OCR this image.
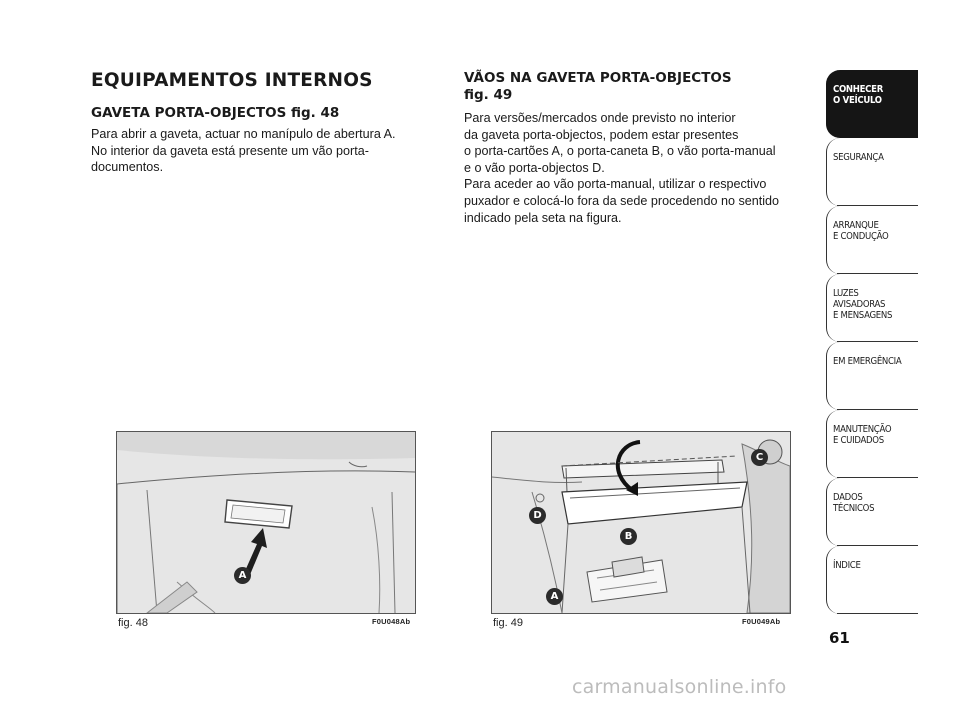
EQUIPAMENTOS INTERNOS
GAVETA PORTA-OBJECTOS fig. 48

Para abrir a gaveta, actuar no manípulo de abertura A.
No interior da gaveta está presente um vão porta-
documentos.

VÃOS NA GAVETA PORTA-OBJECTOS
fig. 49

Para versões/mercados onde previsto no interior
da gaveta porta-objectos, podem estar presentes
o porta-cartões A, o porta-caneta B, o vão porta-manual
e o vão porta-objectos D.
Para aceder ao vão porta-manual, utilizar o respectivo
puxador e colocá-lo fora da sede procedendo no sentido
indicado pela seta na figura.

A
fig. 48	F0U048Ab
C
D
B
A
fig. 49	F0U049Ab
CONHECER
O VEÍCULO
SEGURANÇA
ARRANQUE
E CONDUÇÃO
LUZES
AVISADORAS
E MENSAGENS
EM EMERGÊNCIA
MANUTENÇÃO
E CUIDADOS
DADOS
TÉCNICOS
ÍNDICE
61
carmanualsonline.info
